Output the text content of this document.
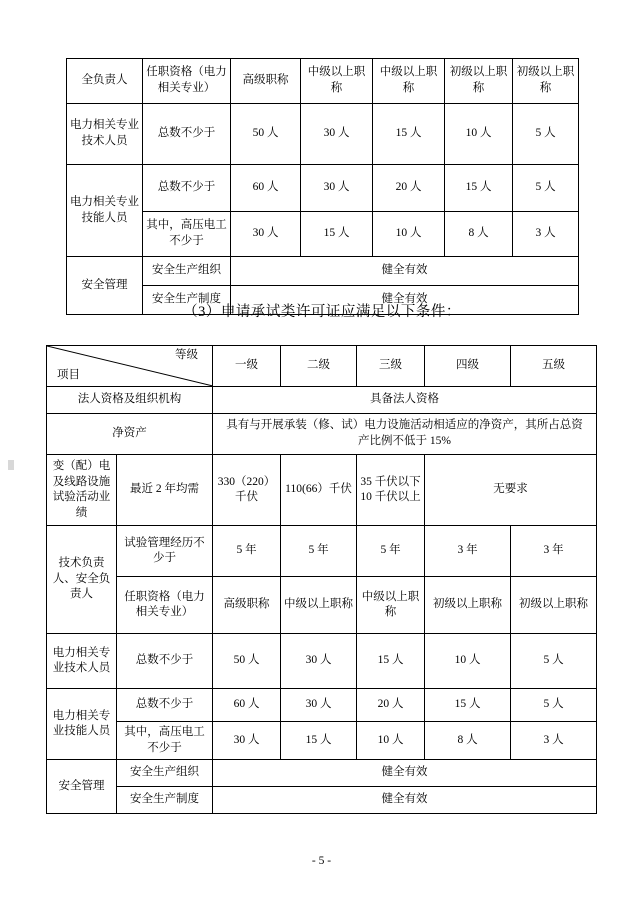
全负责人	任职资格（电力相关专业）	高级职称	中级以上职称	中级以上职称	初级以上职称	初级以上职称
电力相关专业技术人员	总数不少于	50 人	30 人	15 人	10 人	5 人
电力相关专业技能人员	总数不少于	60 人	30 人	20 人	15 人	5 人
	其中，高压电工不少于	30 人	15 人	10 人	8 人	3 人
安全管理	安全生产组织	健全有效				
	安全生产制度	健全有效				
（3）申请承试类许可证应满足以下条件：
等级
项目		一级	二级	三级	四级	五级
法人资格及组织机构		具备法人资格				
净资产		具有与开展承装（修、试）电力设施活动相适应的净资产，其所占总资产比例不低于 15%				
变（配）电及线路设施试验活动业绩	最近 2 年均需	330（220）千伏	110(66）千伏	35 千伏以下 10 千伏以上	无要求	
技术负责人、安全负责人	试验管理经历不少于	5 年	5 年	5 年	3 年	3 年
	任职资格（电力相关专业）	高级职称	中级以上职称	中级以上职称	初级以上职称	初级以上职称
电力相关专业技术人员	总数不少于	50 人	30 人	15 人	10 人	5 人
电力相关专业技能人员	总数不少于	60 人	30 人	20 人	15 人	5 人
	其中，高压电工不少于	30 人	15 人	10 人	8 人	3 人
安全管理	安全生产组织	健全有效				
	安全生产制度	健全有效				
- 5 -
